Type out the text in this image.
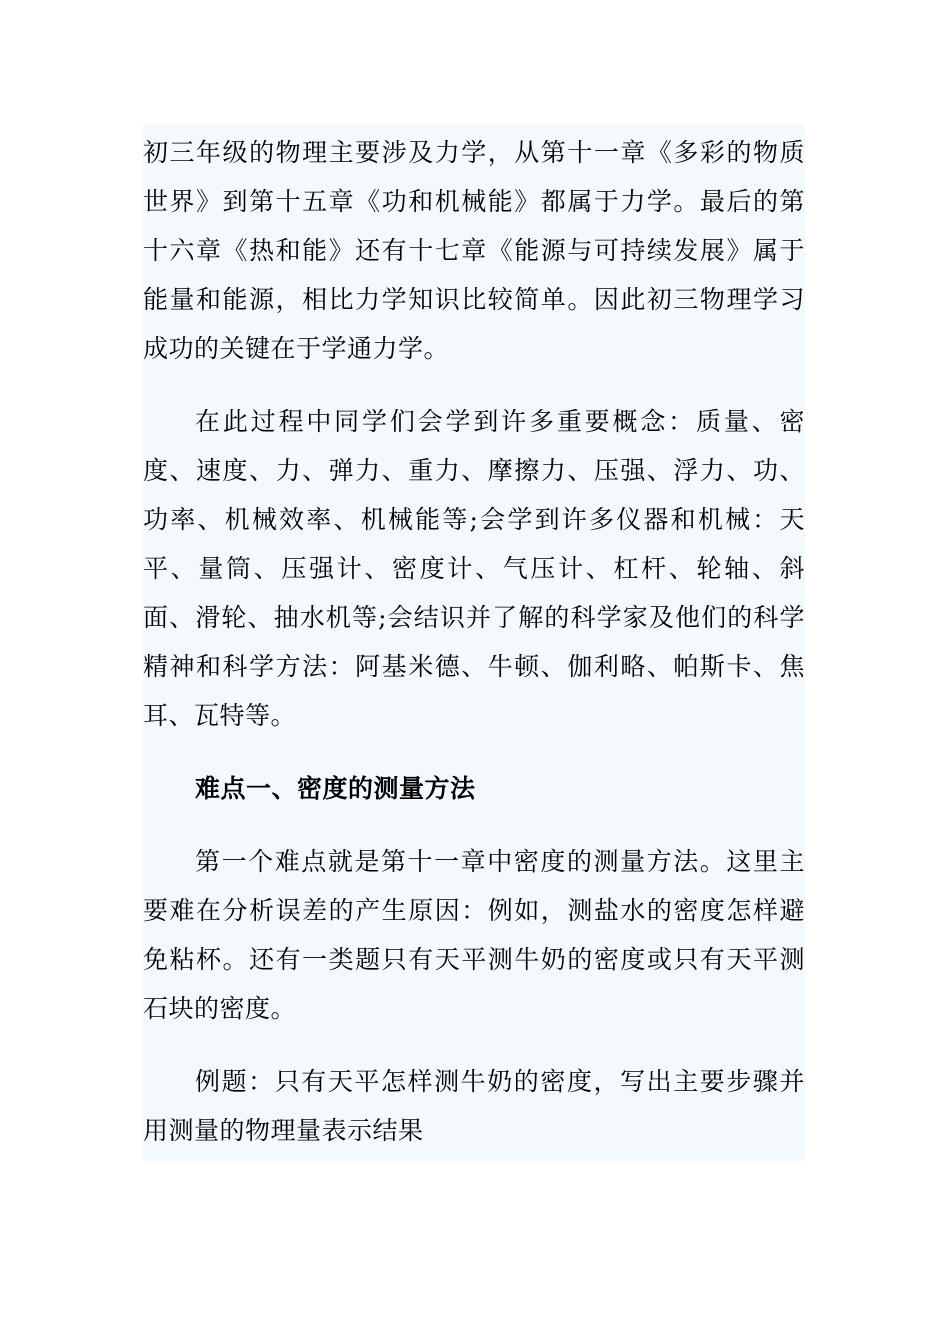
初三年级的物理主要涉及力学，从第十一章《多彩的物质世界》到第十五章《功和机械能》都属于力学。最后的第十六章《热和能》还有十七章《能源与可持续发展》属于能量和能源，相比力学知识比较简单。因此初三物理学习成功的关键在于学通力学。

在此过程中同学们会学到许多重要概念：质量、密度、速度、力、弹力、重力、摩擦力、压强、浮力、功、功率、机械效率、机械能等;会学到许多仪器和机械：天平、量筒、压强计、密度计、气压计、杠杆、轮轴、斜面、滑轮、抽水机等;会结识并了解的科学家及他们的科学精神和科学方法：阿基米德、牛顿、伽利略、帕斯卡、焦耳、瓦特等。

难点一、密度的测量方法

第一个难点就是第十一章中密度的测量方法。这里主要难在分析误差的产生原因：例如，测盐水的密度怎样避免粘杯。还有一类题只有天平测牛奶的密度或只有天平测石块的密度。

例题：只有天平怎样测牛奶的密度，写出主要步骤并用测量的物理量表示结果
